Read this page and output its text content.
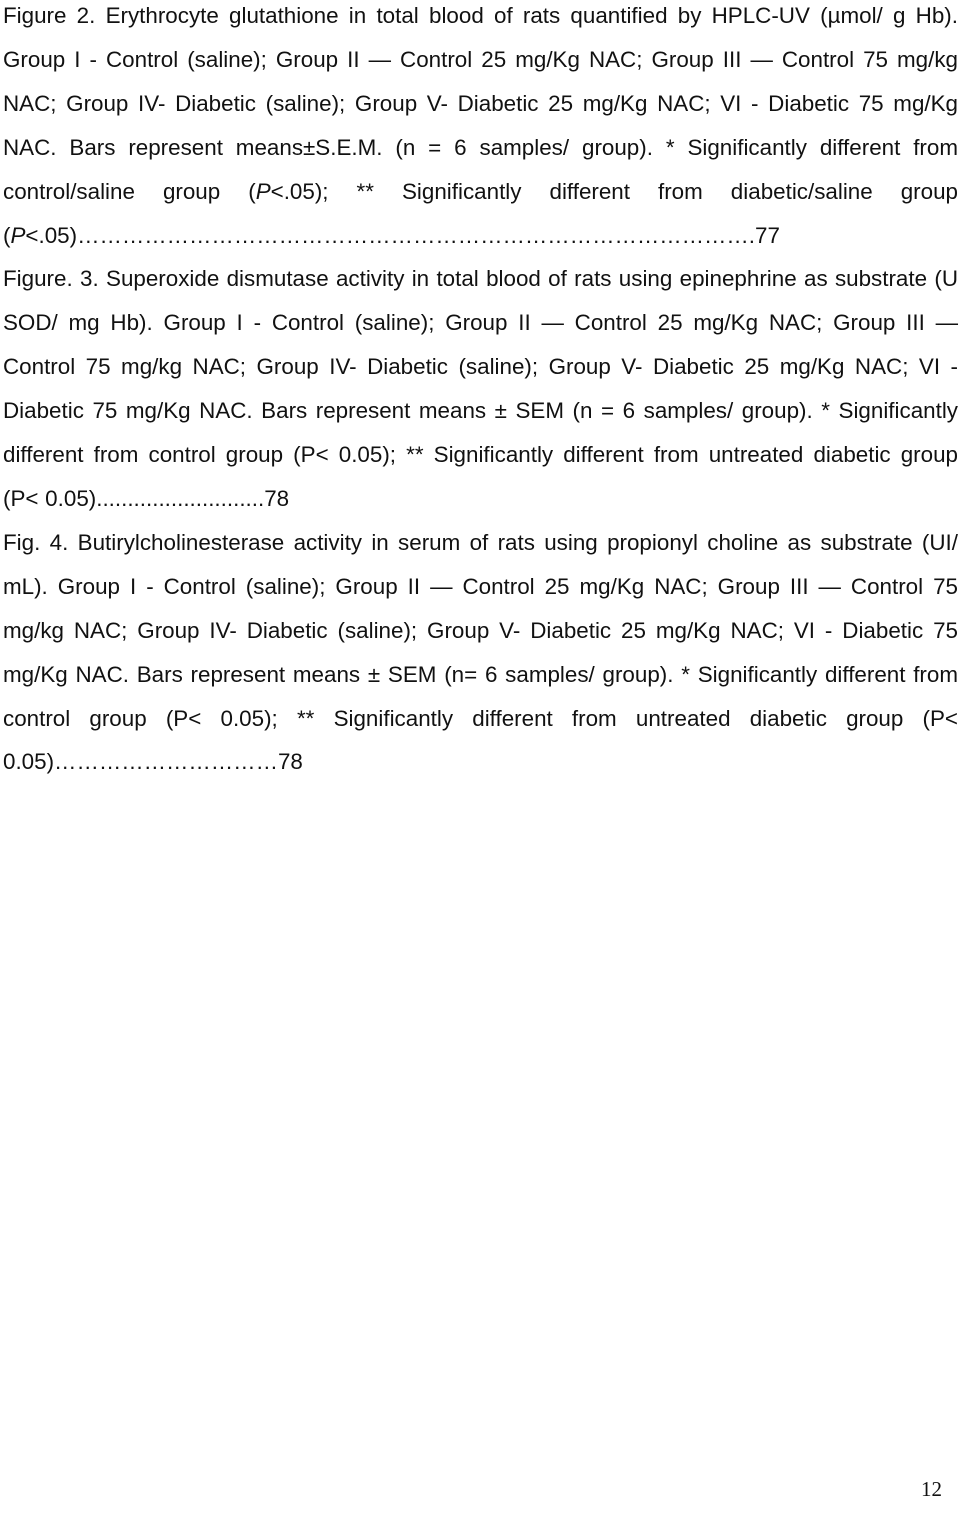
Figure 2. Erythrocyte glutathione in total blood of rats quantified by HPLC-UV (µmol/ g Hb). Group I - Control (saline); Group II — Control 25 mg/Kg NAC; Group III — Control 75 mg/kg NAC; Group IV- Diabetic (saline); Group V- Diabetic 25 mg/Kg NAC; VI - Diabetic 75 mg/Kg NAC. Bars represent means±S.E.M. (n = 6 samples/ group). * Significantly different from control/saline group (P<.05); ** Significantly different from diabetic/saline group (P<.05)……………………………………………………………………………….77

Figure. 3. Superoxide dismutase activity in total blood of rats using epinephrine as substrate (U SOD/ mg Hb). Group I - Control (saline); Group II — Control 25 mg/Kg NAC; Group III — Control 75 mg/kg NAC; Group IV- Diabetic (saline); Group V- Diabetic 25 mg/Kg NAC; VI - Diabetic 75 mg/Kg NAC. Bars represent means ± SEM (n = 6 samples/ group). * Significantly different from control group (P< 0.05); ** Significantly different from untreated diabetic group (P< 0.05)...........................78

Fig. 4. Butirylcholinesterase activity in serum of rats using propionyl choline as substrate (UI/ mL). Group I - Control (saline); Group II — Control 25 mg/Kg NAC; Group III — Control 75 mg/kg NAC; Group IV- Diabetic (saline); Group V- Diabetic 25 mg/Kg NAC; VI - Diabetic 75 mg/Kg NAC. Bars represent means ± SEM (n= 6 samples/ group). * Significantly different from control group (P< 0.05); ** Significantly different from untreated diabetic group (P< 0.05)…………………………78

12
